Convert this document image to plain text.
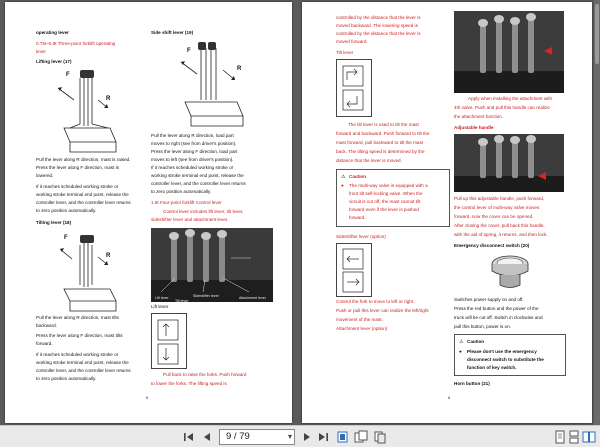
operating lever
0.75t~0.9t Three-point forklift operating
lever
Lifting lever (17)
F
R
Pull the lever along R direction, mast is raised.
Press the lever along F direction, mast is
lowered.
If it reaches scheduled working stroke or
working stroke terminal end point, release the
controller lever, and the controller lever returns
to zero position automatically.
Tilting lever (18)
F
R
Pull the lever along R direction, mast tilts
backward.
Press the lever along F direction, mast tilts
forward.
If it reaches scheduled working stroke or
working stroke terminal end point, release the
controller lever, and the controller lever returns
to zero position automatically.
Side shift lever (19)
F
R
Pull the lever along R direction, load part
moves to right (see from driver's position).
Press the lever along F direction, load part
moves to left (see from driver's position).
If it reaches scheduled working stroke or
working stroke terminal end point, release the
controller lever, and the controller lever returns
to zero position automatically.
1.8t Four-point forklift Control lever
Control lever includes lift lever, tilt lever,
sideshifter lever and attachment lever.
Lift lever	Sideshifter lever
Tilt lever
Attachment lever
Lift lever
Pull back to raise the forks. Push forward
to lower the forks. The lifting speed is
5
controlled by the distance that the lever is
moved backward. The lowering speed is
controlled by the distance that the lever is
moved forward.
Tilt lever
The tilt lever is used to tilt the mast
forward and backward. Push forward to tilt the
mast forward, pull backward to tilt the mast
back. The tilting speed is determined by the
distance that the lever is moved.
⚠ Caution
● The multi-way valve is equipped with a
front tilt self-locking valve. When the
circuit is cut off, the mast cannot tilt
forward even if the lever is pushed
forward.
Sideshifter lever (option)
Control the fork to move to left or right.
Push or pull this lever can realize the left/right
movement of the mast.
Attachment lever (option)
Apply when installing the attachment with
4th valve. Push and pull this handle can realize
the attachment function.
Adjustable handle
Pull up this adjustable handle, push forward,
the control lever of multi-way valve moves
forward, now the cover can be opened.
After closing the cover, pull back this handle,
with the aid of spring, it returns, and then lock.
Emergency disconnect switch (20)
Switches power supply on and off.
Press the red button and the power of the
truck will be cut off. Switch in clockwise and
pull this button, power is on.
⚠ Caution
● Please don't use the emergency
disconnect switch to substitute the
function of key switch.
Horn button (21)
6
9 / 79	▾
